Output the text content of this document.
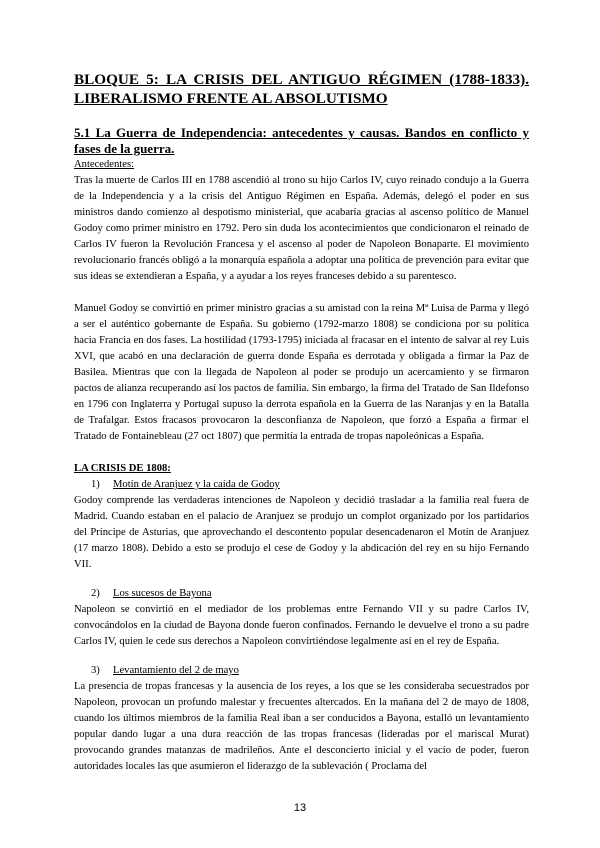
BLOQUE 5: LA CRISIS DEL ANTIGUO RÉGIMEN (1788-1833). LIBERALISMO FRENTE AL ABSOLUTISMO
5.1 La Guerra de Independencia: antecedentes y causas. Bandos en conflicto y fases de la guerra.
Antecedentes:

Tras la muerte de Carlos III en 1788 ascendió al trono su hijo Carlos IV, cuyo reinado condujo a la Guerra de la Independencia y a la crisis del Antiguo Régimen en España. Además, delegó el poder en sus ministros dando comienzo al despotismo ministerial, que acabaría gracias al ascenso político de Manuel Godoy como primer ministro en 1792. Pero sin duda los acontecimientos que condicionaron el reinado de Carlos IV fueron la Revolución Francesa y el ascenso al poder de Napoleon Bonaparte. El movimiento revolucionario francés obligó a la monarquía española a adoptar una política de prevención para evitar que sus ideas se extendieran a España, y a ayudar a los reyes franceses debido a su parentesco.

Manuel Godoy se convirtió en primer ministro gracias a su amistad con la reina Mª Luisa de Parma y llegó a ser el auténtico gobernante de España. Su gobierno (1792-marzo 1808) se condiciona por su política hacia Francia en dos fases. La hostilidad (1793-1795) iniciada al fracasar en el intento de salvar al rey Luis XVI, que acabó en una declaración de guerra donde España es derrotada y obligada a firmar la Paz de Basilea. Mientras que con la llegada de Napoleon al poder se produjo un acercamiento y se firmaron pactos de alianza recuperando así los pactos de familia. Sin embargo, la firma del Tratado de San Ildefonso en 1796 con Inglaterra y Portugal supuso la derrota española en la Guerra de las Naranjas y en la Batalla de Trafalgar. Estos fracasos provocaron la desconfianza de Napoleon, que forzó a España a firmar el Tratado de Fontainebleau (27 oct 1807) que permitía la entrada de tropas napoleónicas a España.

LA CRISIS DE 1808:
1) Motín de Aranjuez y la caída de Godoy

Godoy comprende las verdaderas intenciones de Napoleon y decidió trasladar a la familia real fuera de Madrid. Cuando estaban en el palacio de Aranjuez se produjo un complot organizado por los partidarios del Príncipe de Asturias, que aprovechando el descontento popular desencadenaron el Motín de Aranjuez (17 marzo 1808). Debido a esto se produjo el cese de Godoy y la abdicación del rey en su hijo Fernando VII.

2) Los sucesos de Bayona

Napoleon se convirtió en el mediador de los problemas entre Fernando VII y su padre Carlos IV, convocándolos en la ciudad de Bayona donde fueron confinados. Fernando le devuelve el trono a su padre Carlos IV, quien le cede sus derechos a Napoleon convirtiéndose legalmente así en el rey de España.

3) Levantamiento del 2 de mayo

La presencia de tropas francesas y la ausencia de los reyes, a los que se les consideraba secuestrados por Napoleon, provocan un profundo malestar y frecuentes altercados. En la mañana del 2 de mayo de 1808, cuando los últimos miembros de la familia Real iban a ser conducidos a Bayona, estalló un levantamiento popular dando lugar a una dura reacción de las tropas francesas (lideradas por el mariscal Murat) provocando grandes matanzas de madrileños. Ante el desconcierto inicial y el vacío de poder, fueron autoridades locales las que asumieron el liderazgo de la sublevación ( Proclama del

13
